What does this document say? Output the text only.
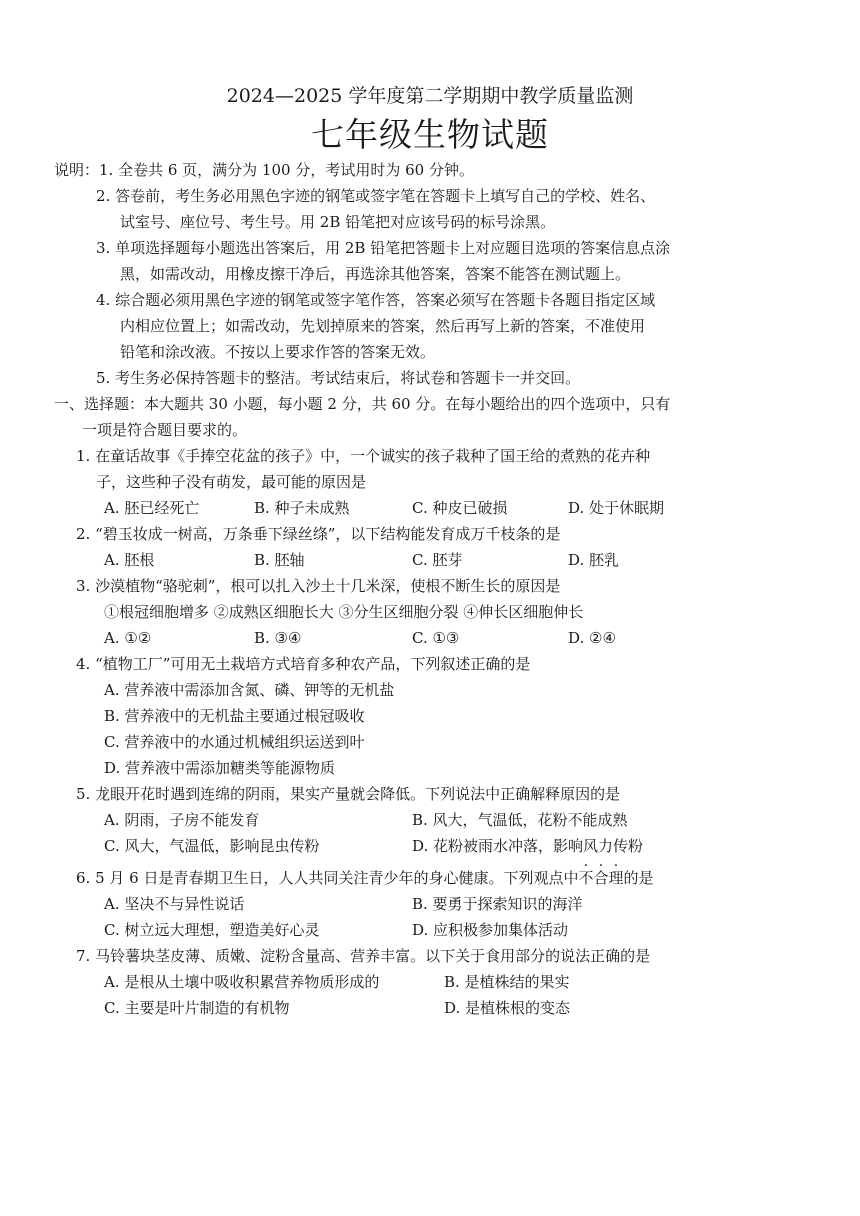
2024—2025 学年度第二学期期中教学质量监测
七年级生物试题
说明：1. 全卷共 6 页，满分为 100 分，考试用时为 60 分钟。
2. 答卷前，考生务必用黑色字迹的钢笔或签字笔在答题卡上填写自己的学校、姓名、
试室号、座位号、考生号。用 2B 铅笔把对应该号码的标号涂黑。
3. 单项选择题每小题选出答案后，用 2B 铅笔把答题卡上对应题目选项的答案信息点涂
黑，如需改动，用橡皮擦干净后，再选涂其他答案，答案不能答在测试题上。
4. 综合题必须用黑色字迹的钢笔或签字笔作答，答案必须写在答题卡各题目指定区域
内相应位置上；如需改动，先划掉原来的答案，然后再写上新的答案，不准使用
铅笔和涂改液。不按以上要求作答的答案无效。
5. 考生务必保持答题卡的整洁。考试结束后，将试卷和答题卡一并交回。
一、选择题：本大题共 30 小题，每小题 2 分，共 60 分。在每小题给出的四个选项中，只有
一项是符合题目要求的。
1. 在童话故事《手捧空花盆的孩子》中，一个诚实的孩子栽种了国王给的煮熟的花卉种
子，这些种子没有萌发，最可能的原因是
A. 胚已经死亡	B. 种子未成熟	C. 种皮已破损	D. 处于休眠期
2. “碧玉妆成一树高，万条垂下绿丝绦”，以下结构能发育成万千枝条的是
A. 胚根	B. 胚轴	C. 胚芽	D. 胚乳
3. 沙漠植物“骆驼刺”，根可以扎入沙土十几米深，使根不断生长的原因是
①根冠细胞增多 ②成熟区细胞长大 ③分生区细胞分裂 ④伸长区细胞伸长
A. ①②	B. ③④	C. ①③	D. ②④
4. “植物工厂”可用无土栽培方式培育多种农产品，下列叙述正确的是
A. 营养液中需添加含氮、磷、钾等的无机盐
B. 营养液中的无机盐主要通过根冠吸收
C. 营养液中的水通过机械组织运送到叶
D. 营养液中需添加糖类等能源物质
5. 龙眼开花时遇到连绵的阴雨，果实产量就会降低。下列说法中正确解释原因的是
A. 阴雨，子房不能发育	B. 风大，气温低，花粉不能成熟
C. 风大，气温低，影响昆虫传粉	D. 花粉被雨水冲落，影响风力传粉
6. 5 月 6 日是青春期卫生日，人人共同关注青少年的身心健康。下列观点中不合理的是
A. 坚决不与异性说话	B. 要勇于探索知识的海洋
C. 树立远大理想，塑造美好心灵	D. 应积极参加集体活动
7. 马铃薯块茎皮薄、质嫩、淀粉含量高、营养丰富。以下关于食用部分的说法正确的是
A. 是根从土壤中吸收积累营养物质形成的	B. 是植株结的果实
C. 主要是叶片制造的有机物	D. 是植株根的变态
